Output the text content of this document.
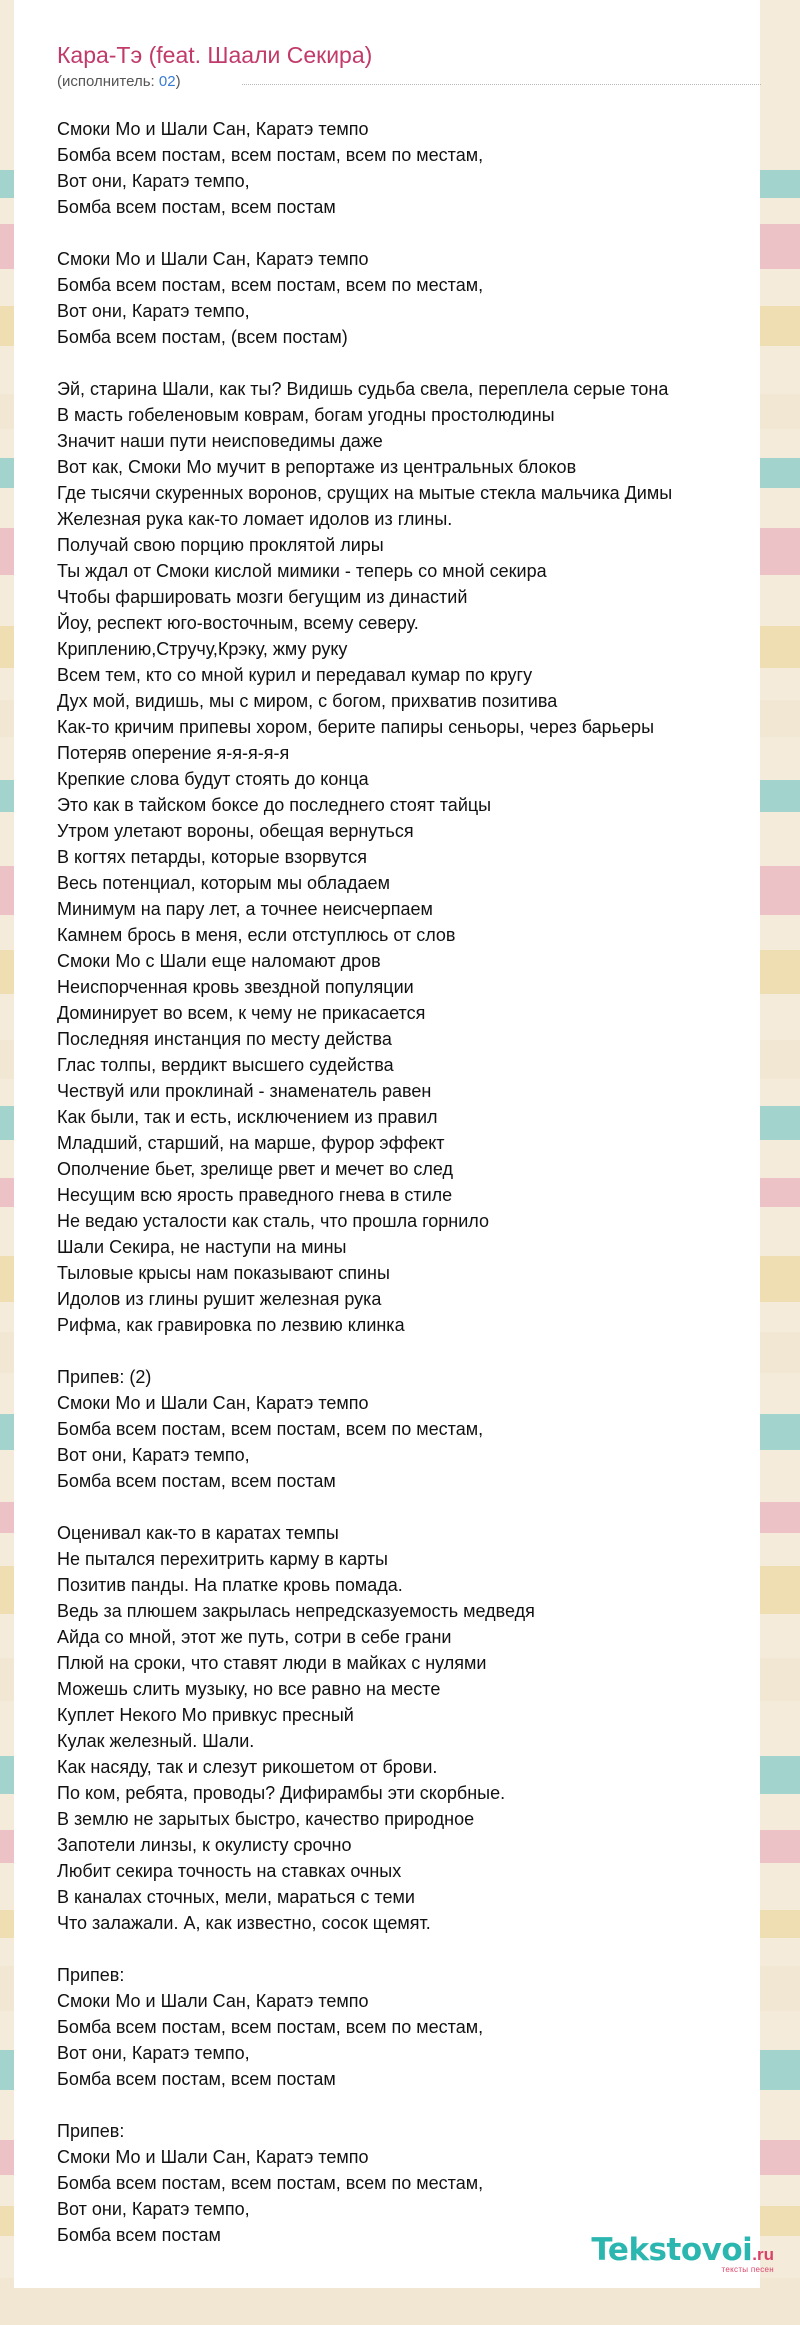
Кара-Тэ (feat. Шаали Секира)
(исполнитель: 02)
Смоки Мо и Шали Сан, Каратэ темпо
Бомба всем постам, всем постам, всем по местам,
Вот они, Каратэ темпо,
Бомба всем постам, всем постам
Смоки Мо и Шали Сан, Каратэ темпо
Бомба всем постам, всем постам, всем по местам,
Вот они, Каратэ темпо,
Бомба всем постам, (всем постам)
Эй, старина Шали, как ты? Видишь судьба свела, переплела серые тона
В масть гобеленовым коврам, богам угодны простолюдины
Значит наши пути неисповедимы даже
Вот как, Смоки Мо мучит в репортаже из центральных блоков
Где тысячи скуренных воронов, срущих на мытые стекла мальчика Димы
Железная рука как-то ломает идолов из глины.
Получай свою порцию проклятой лиры
Ты ждал от Смоки кислой мимики - теперь со мной секира
Чтобы фаршировать мозги бегущим из династий
Йоу, респект юго-восточным, всему северу.
Криплению,Стручу,Крэку, жму руку
Всем тем, кто со мной курил и передавал кумар по кругу
Дух мой, видишь, мы с миром, с богом, прихватив позитива
Как-то кричим припевы хором, берите папиры сеньоры, через барьеры
Потеряв оперение я-я-я-я-я
Крепкие слова будут стоять до конца
Это как в тайском боксе до последнего стоят тайцы
Утром улетают вороны, обещая вернуться
В когтях петарды, которые взорвутся
Весь потенциал, которым мы обладаем
Минимум на пару лет, а точнее неисчерпаем
Камнем брось в меня, если отступлюсь от слов
Смоки Мо с Шали еще наломают дров
Неиспорченная кровь звездной популяции
Доминирует во всем, к чему не прикасается
Последняя инстанция по месту действа
Глас толпы, вердикт высшего судейства
Чествуй или проклинай - знаменатель равен
Как были, так и есть, исключением из правил
Младший, старший, на марше, фурор эффект
Ополчение бьет, зрелище рвет и мечет во след
Несущим всю ярость праведного гнева в стиле
Не ведаю усталости как сталь, что прошла горнило
Шали Секира, не наступи на мины
Тыловые крысы нам показывают спины
Идолов из глины рушит железная рука
Рифма, как гравировка по лезвию клинка
Припев: (2)
Смоки Мо и Шали Сан, Каратэ темпо
Бомба всем постам, всем постам, всем по местам,
Вот они, Каратэ темпо,
Бомба всем постам, всем постам
Оценивал как-то в каратах темпы
Не пытался перехитрить карму в карты
Позитив панды. На платке кровь помада.
Ведь за плюшем закрылась непредсказуемость медведя
Айда со мной, этот же путь, сотри в себе грани
Плюй на сроки, что ставят люди в майках с нулями
Можешь слить музыку, но все равно на месте
Куплет Некого Мо привкус пресный
Кулак железный. Шали.
Как насяду, так и слезут рикошетом от брови.
По ком, ребята, проводы? Дифирамбы эти скорбные.
В землю не зарытых быстро, качество природное
Запотели линзы, к окулисту срочно
Любит секира точность на ставках очных
В каналах сточных, мели, мараться с теми
Что залажали. А, как известно, сосок щемят.
Припев:
Смоки Мо и Шали Сан, Каратэ темпо
Бомба всем постам, всем постам, всем по местам,
Вот они, Каратэ темпо,
Бомба всем постам, всем постам
Припев:
Смоки Мо и Шали Сан, Каратэ темпо
Бомба всем постам, всем постам, всем по местам,
Вот они, Каратэ темпо,
Бомба всем постам	Tekstovoi.ru
тексты песен
